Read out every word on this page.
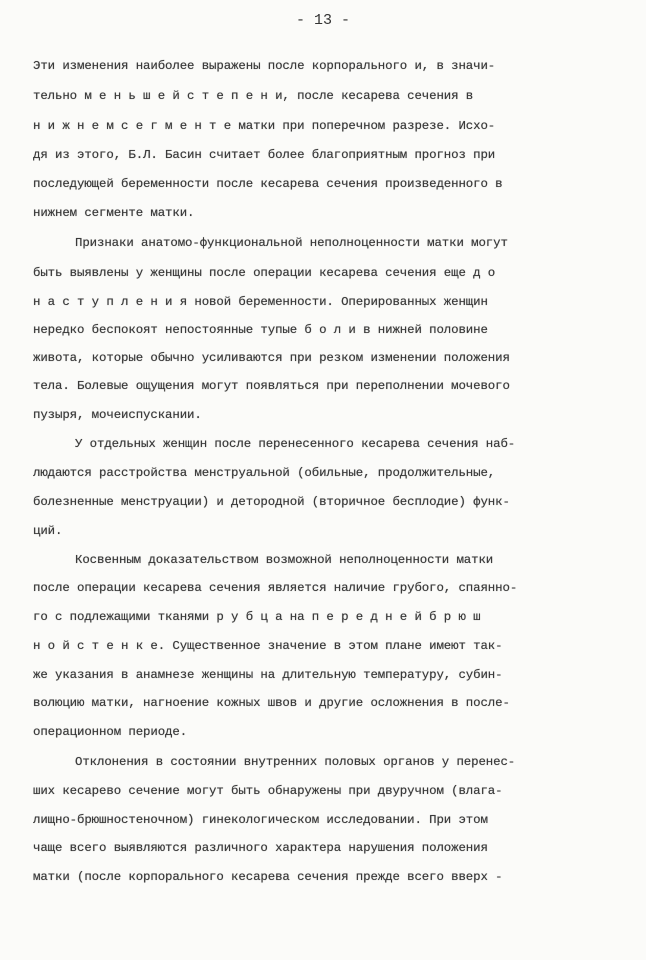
- 13 -
Эти изменения наиболее выражены после корпорального и, в значи-
тельно м е н ь ш е й с т е п е н и, после кесарева сечения в
н и ж н е м с е г м е н т е матки при поперечном разрезе. Исхо-
дя из этого, Б.Л. Басин считает более благоприятным прогноз при
последующей беременности после кесарева сечения произведенного в
нижнем сегменте матки.
Признаки анатомо-функциональной неполноценности матки могут
быть выявлены у женщины после операции кесарева сечения еще д о
н а с т у п л е н и я новой беременности. Оперированных женщин
нередко беспокоят непостоянные тупые б о л и в нижней половине
живота, которые обычно усиливаются при резком изменении положения
тела. Болевые ощущения могут появляться при переполнении мочевого
пузыря, мочеиспускании.
У отдельных женщин после перенесенного кесарева сечения наб-
людаются расстройства менструальной (обильные, продолжительные,
болезненные менструации) и детородной (вторичное бесплодие) функ-
ций.
Косвенным доказательством возможной неполноценности матки
после операции кесарева сечения является наличие грубого, спаянно-
го с подлежащими тканями р у б ц а на п е р е д н е й б р ю ш
н о й с т е н к е. Существенное значение в этом плане имеют так-
же указания в анамнезе женщины на длительную температуру, субин-
волюцию матки, нагноение кожных швов и другие осложнения в после-
операционном периоде.
Отклонения в состоянии внутренних половых органов у перенес-
ших кесарево сечение могут быть обнаружены при двуручном (влага-
лищно-брюшностеночном) гинекологическом исследовании. При этом
чаще всего выявляются различного характера нарушения положения
матки (после корпорального кесарева сечения прежде всего вверх -
